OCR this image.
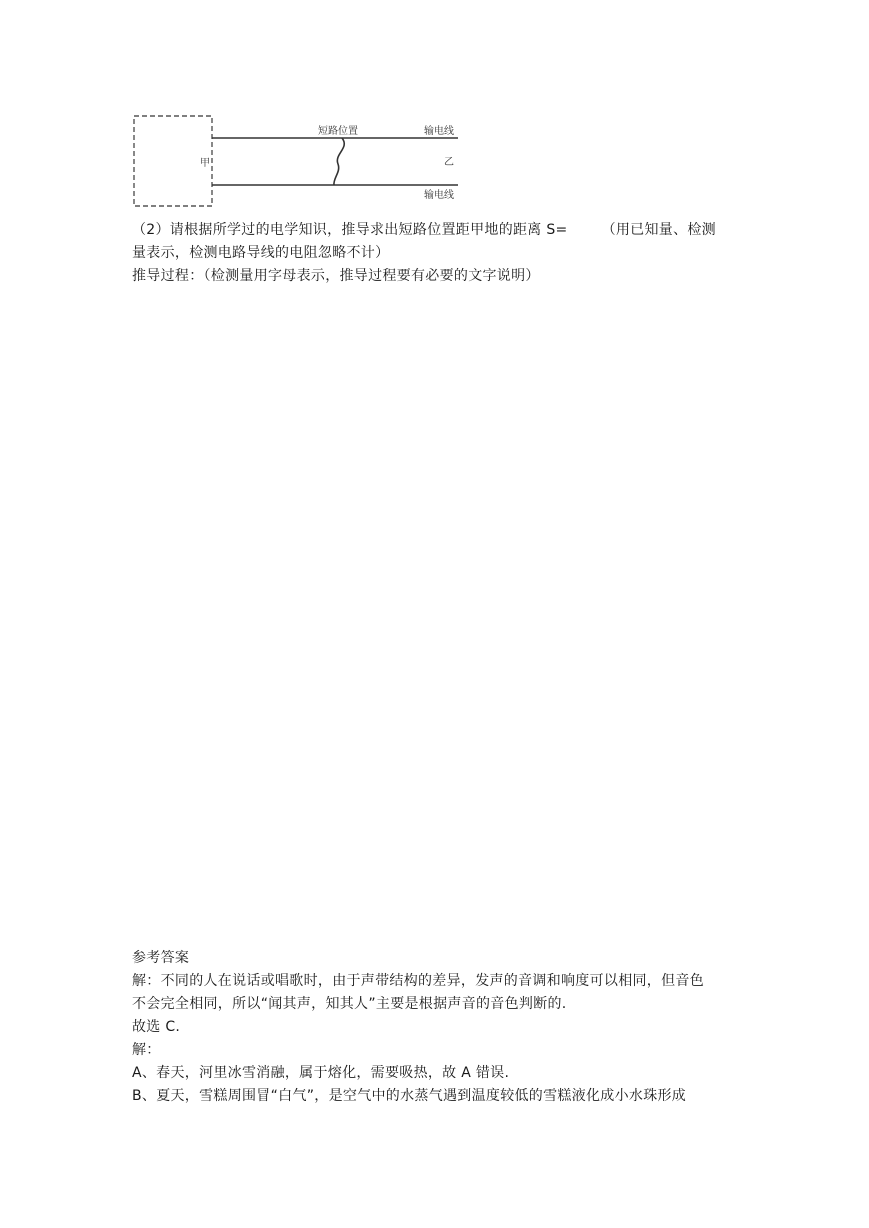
甲
短路位置	输电线
乙
输电线
（2）请根据所学过的电学知识，推导求出短路位置距甲地的距离 S= （用已知量、检测
量表示，检测电路导线的电阻忽略不计）
推导过程：（检测量用字母表示，推导过程要有必要的文字说明）
参考答案
解：不同的人在说话或唱歌时，由于声带结构的差异，发声的音调和响度可以相同，但音色
不会完全相同，所以“闻其声，知其人”主要是根据声音的音色判断的.
故选 C.
解：
A、春天，河里冰雪消融，属于熔化，需要吸热，故 A 错误.
B、夏天，雪糕周围冒“白气”，是空气中的水蒸气遇到温度较低的雪糕液化成小水珠形成
